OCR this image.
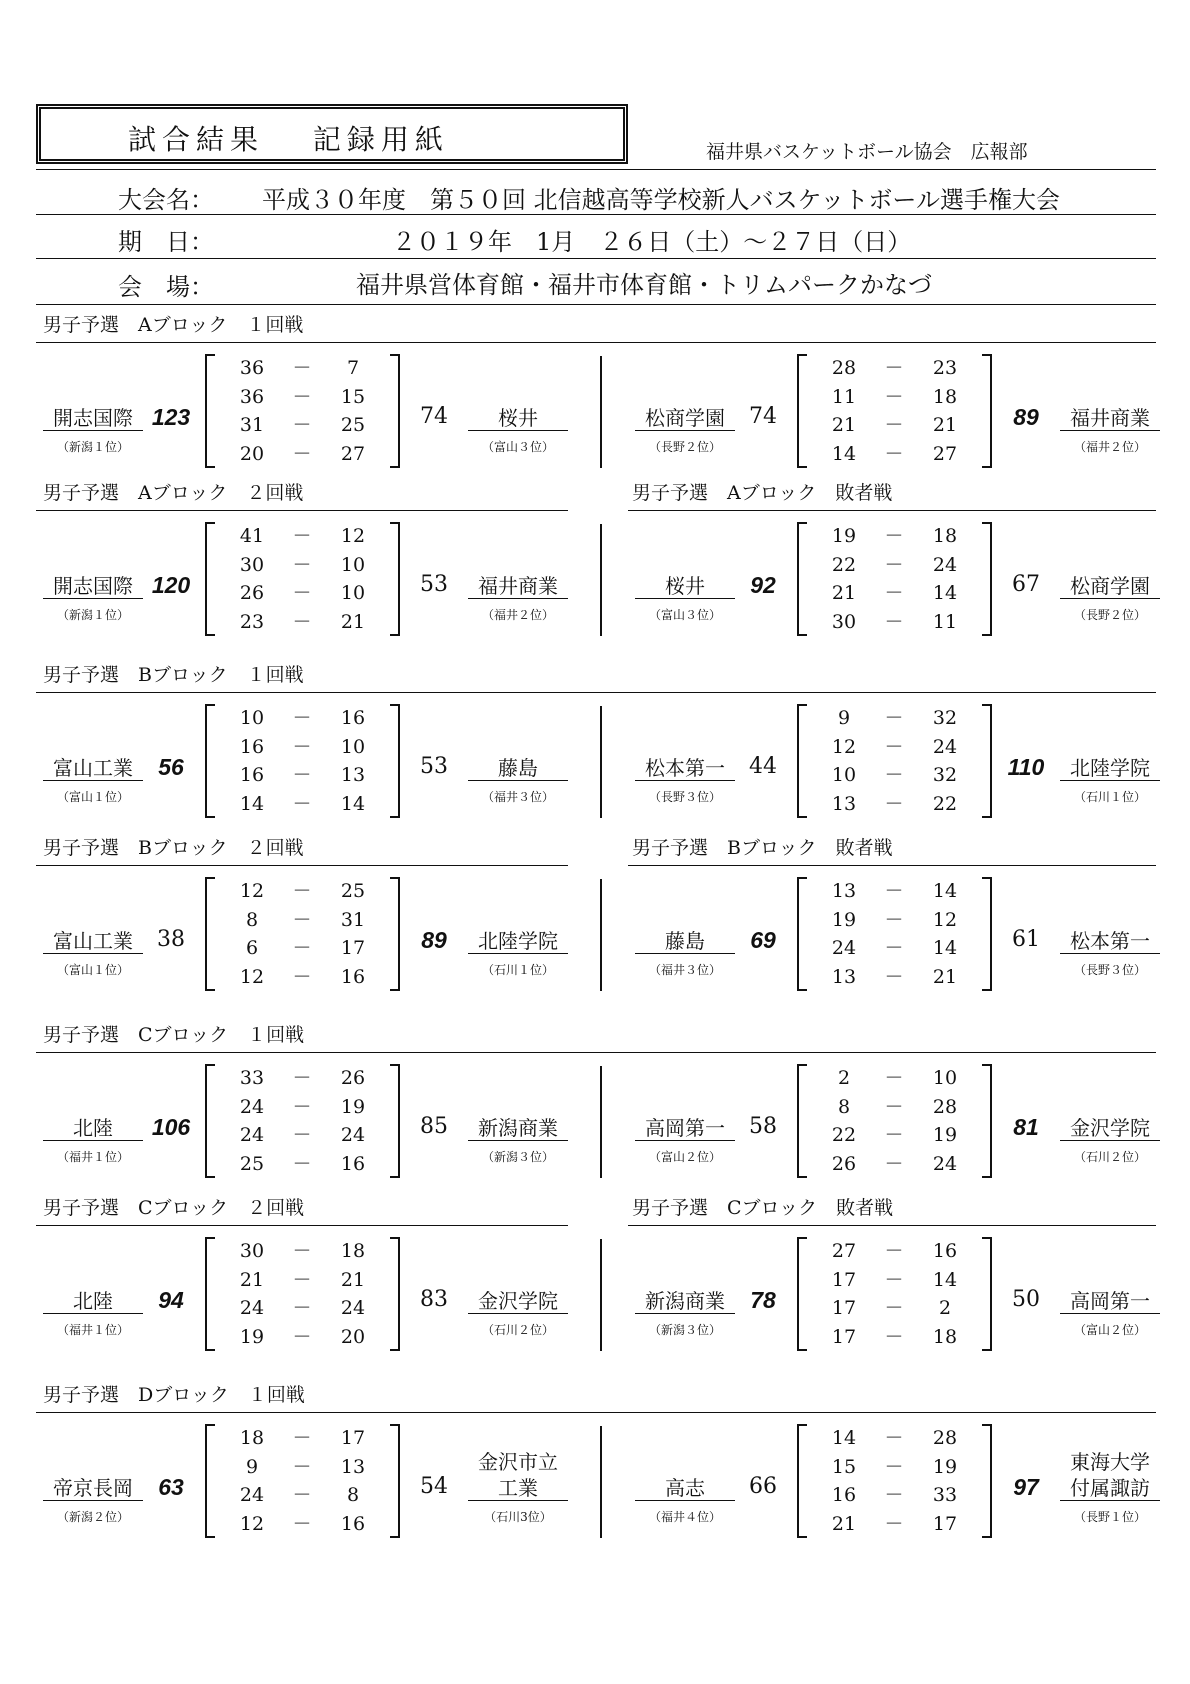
試合結果　 記録用紙	福井県バスケットボール協会　広報部
大会名： 平成３０年度　第５０回 北信越高等学校新人バスケットボール選手権大会
期　日：	２０１９年　1月　２６日（土）～２７日（日）
会　場：	福井県営体育館・福井市体育館・トリムパークかなづ
男子予選　Aブロック　１回戦
開志国際
（新潟１位）
123
36	－	7
36	－	15
31	－	25
20	－	27
74	桜井
（富山３位）
松商学園
（長野２位）
74
28	－	23
11	－	18
21	－	21
14	－	27
89	福井商業
（福井２位）
男子予選　Aブロック　２回戦	男子予選　Aブロック　敗者戦
開志国際
（新潟１位）
120
41	－	12
30	－	10
26	－	10
23	－	21
53	福井商業
（福井２位）
桜井
（富山３位）
92
19	－	18
22	－	24
21	－	14
30	－	11
67	松商学園
（長野２位）
男子予選　Bブロック　１回戦
富山工業
（富山１位）
56
10	－	16
16	－	10
16	－	13
14	－	14
53	藤島
（福井３位）
松本第一
（長野３位）
44
9	－	32
12	－	24
10	－	32
13	－	22
110	北陸学院
（石川１位）
男子予選　Bブロック　２回戦	男子予選　Bブロック　敗者戦
富山工業
（富山１位）
38
12	－	25
8	－	31
6	－	17
12	－	16
89	北陸学院
（石川１位）
藤島
（福井３位）
69
13	－	14
19	－	12
24	－	14
13	－	21
61	松本第一
（長野３位）
男子予選　Cブロック　１回戦
北陸
（福井１位）
106
33	－	26
24	－	19
24	－	24
25	－	16
85	新潟商業
（新潟３位）
高岡第一
（富山２位）
58
2	－	10
8	－	28
22	－	19
26	－	24
81	金沢学院
（石川２位）
男子予選　Cブロック　２回戦	男子予選　Cブロック　敗者戦
北陸
（福井１位）
94
30	－	18
21	－	21
24	－	24
19	－	20
83	金沢学院
（石川２位）
新潟商業
（新潟３位）
78
27	－	16
17	－	14
17	－	2
17	－	18
50	高岡第一
（富山２位）
男子予選　Dブロック　１回戦
帝京長岡
（新潟２位）
63
18	－	17
9	－	13
24	－	8
12	－	16
54
金沢市立
工業
（石川3位）
高志
（福井４位）
66
14	－	28
15	－	19
16	－	33
21	－	17
97
東海大学
付属諏訪
（長野１位）
